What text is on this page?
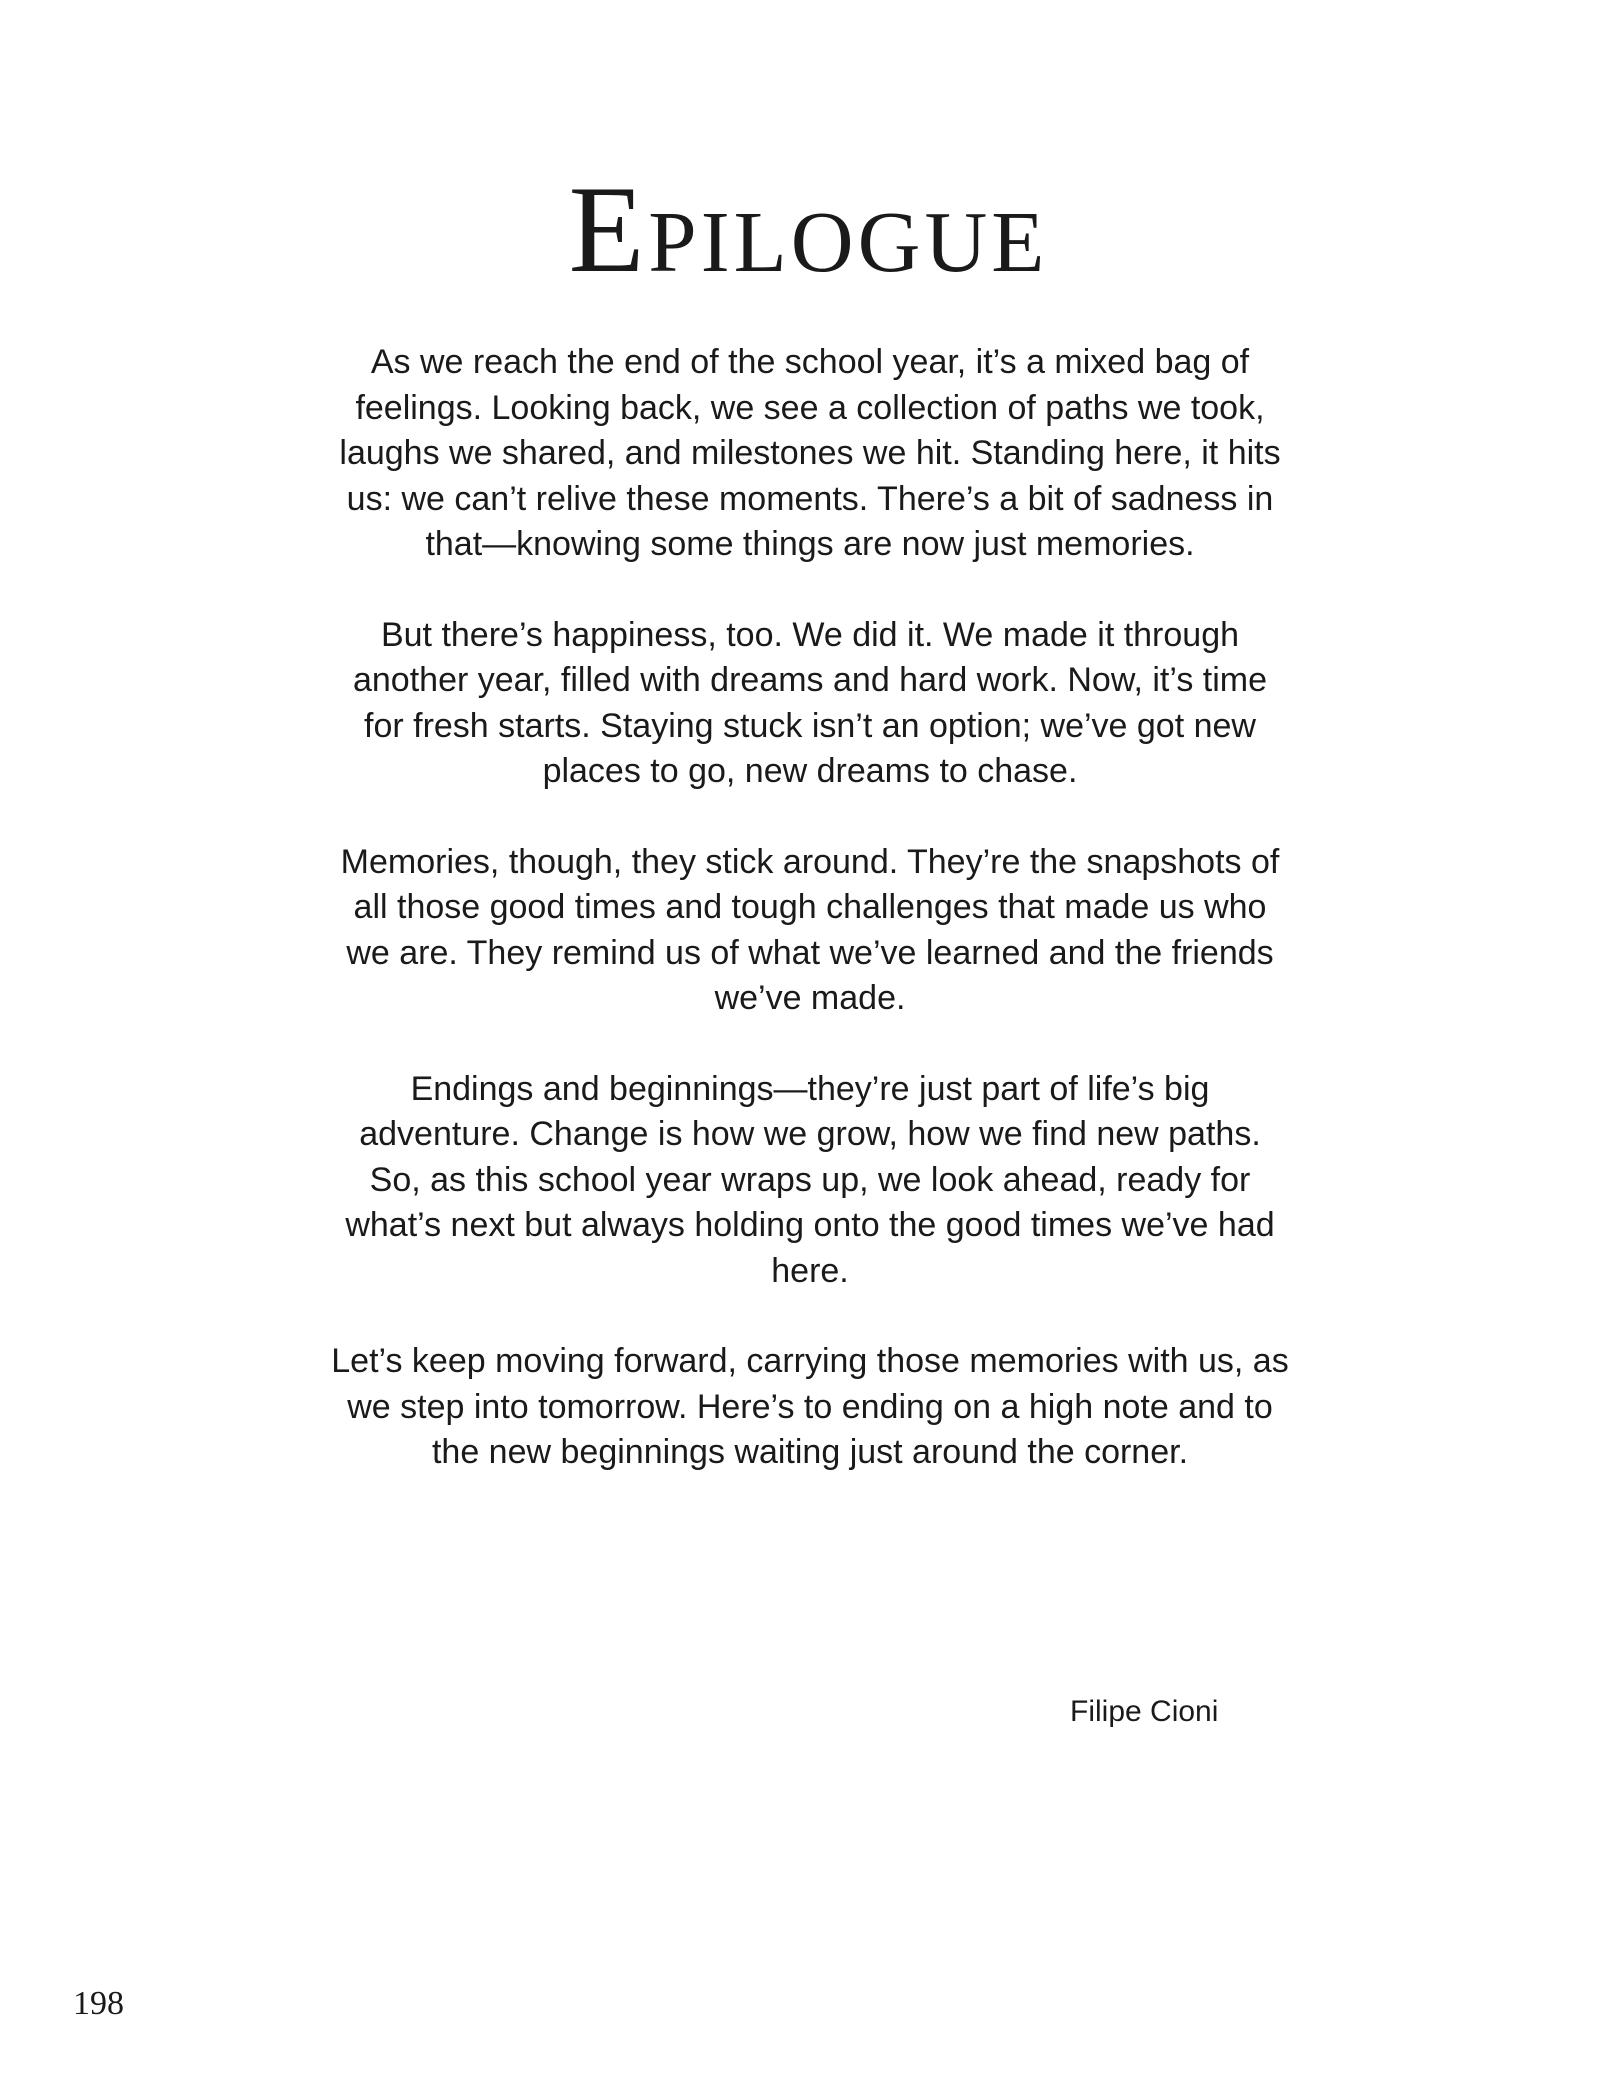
Epilogue

As we reach the end of the school year, it’s a mixed bag of feelings. Looking back, we see a collection of paths we took, laughs we shared, and milestones we hit. Standing here, it hits us: we can’t relive these moments. There’s a bit of sadness in that—knowing some things are now just memories.

But there’s happiness, too. We did it. We made it through another year, filled with dreams and hard work. Now, it’s time for fresh starts. Staying stuck isn’t an option; we’ve got new places to go, new dreams to chase.

Memories, though, they stick around. They’re the snapshots of all those good times and tough challenges that made us who we are. They remind us of what we’ve learned and the friends we’ve made.

Endings and beginnings—they’re just part of life’s big adventure. Change is how we grow, how we find new paths. So, as this school year wraps up, we look ahead, ready for what’s next but always holding onto the good times we’ve had here.

Let’s keep moving forward, carrying those memories with us, as we step into tomorrow. Here’s to ending on a high note and to the new beginnings waiting just around the corner.

Filipe Cioni
198
